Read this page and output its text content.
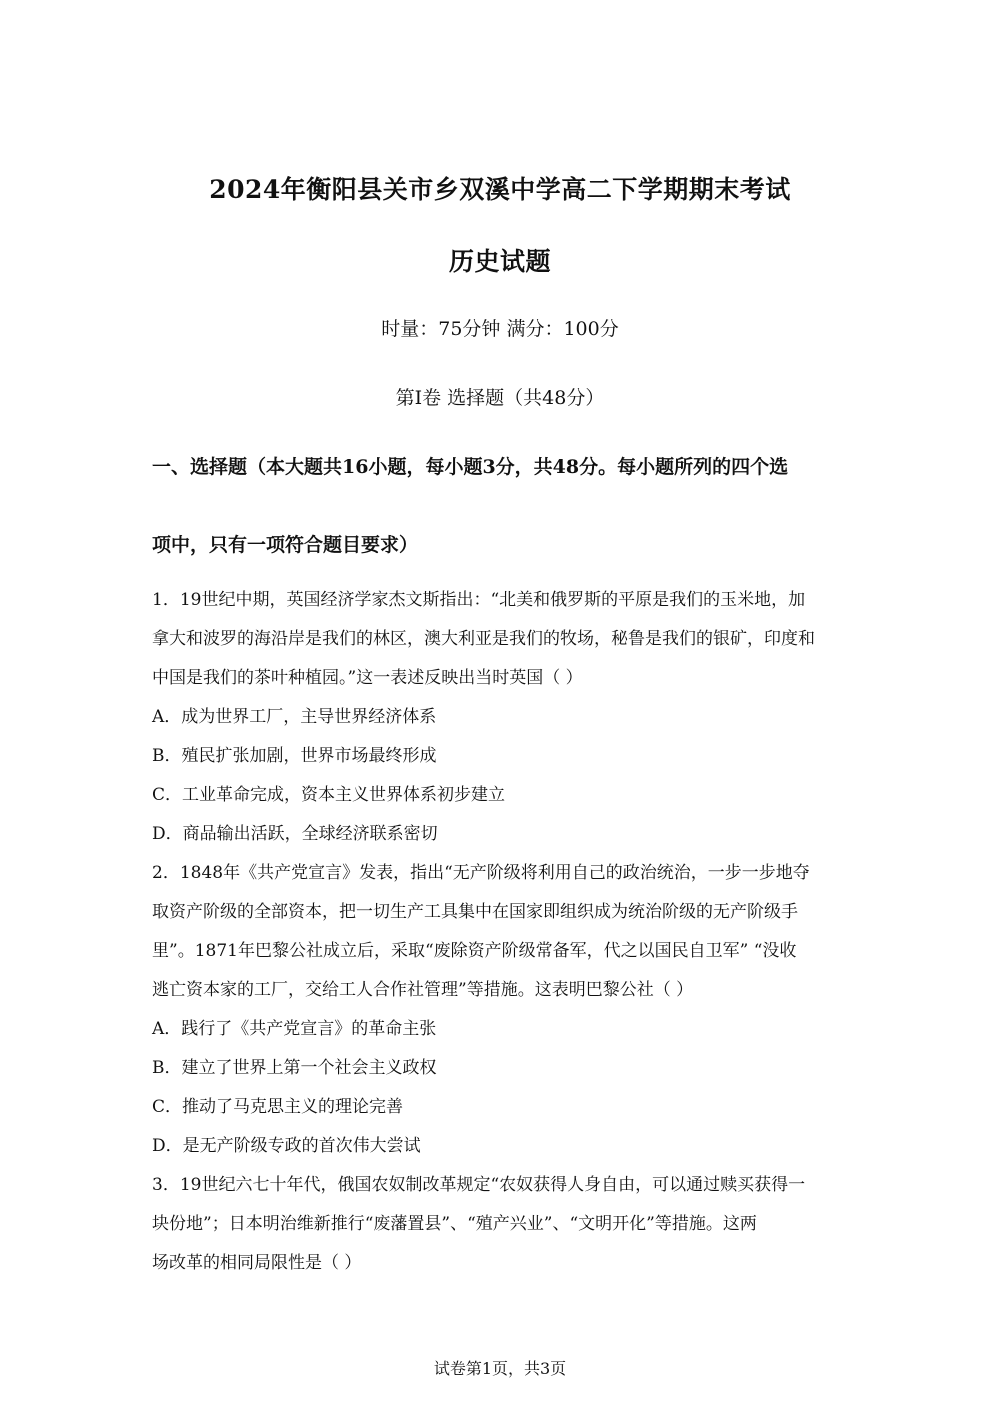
2024年衡阳县关市乡双溪中学高二下学期期末考试
历史试题
时量：75分钟 满分：100分
第Ⅰ卷 选择题（共48分）
一、选择题（本大题共16小题，每小题3分，共48分。每小题所列的四个选
项中，只有一项符合题目要求）
1．19世纪中期，英国经济学家杰文斯指出：“北美和俄罗斯的平原是我们的玉米地，加
拿大和波罗的海沿岸是我们的林区，澳大利亚是我们的牧场，秘鲁是我们的银矿，印度和
中国是我们的茶叶种植园。”这一表述反映出当时英国（ ）
A．成为世界工厂，主导世界经济体系
B．殖民扩张加剧，世界市场最终形成
C．工业革命完成，资本主义世界体系初步建立
D．商品输出活跃，全球经济联系密切
2．1848年《共产党宣言》发表，指出“无产阶级将利用自己的政治统治，一步一步地夺
取资产阶级的全部资本，把一切生产工具集中在国家即组织成为统治阶级的无产阶级手
里”。1871年巴黎公社成立后，采取“废除资产阶级常备军，代之以国民自卫军” “没收
逃亡资本家的工厂，交给工人合作社管理”等措施。这表明巴黎公社（ ）
A．践行了《共产党宣言》的革命主张
B．建立了世界上第一个社会主义政权
C．推动了马克思主义的理论完善
D．是无产阶级专政的首次伟大尝试
3．19世纪六七十年代，俄国农奴制改革规定“农奴获得人身自由，可以通过赎买获得一
块份地”；日本明治维新推行“废藩置县”、“殖产兴业”、“文明开化”等措施。这两
场改革的相同局限性是（ ）
试卷第1页，共3页
